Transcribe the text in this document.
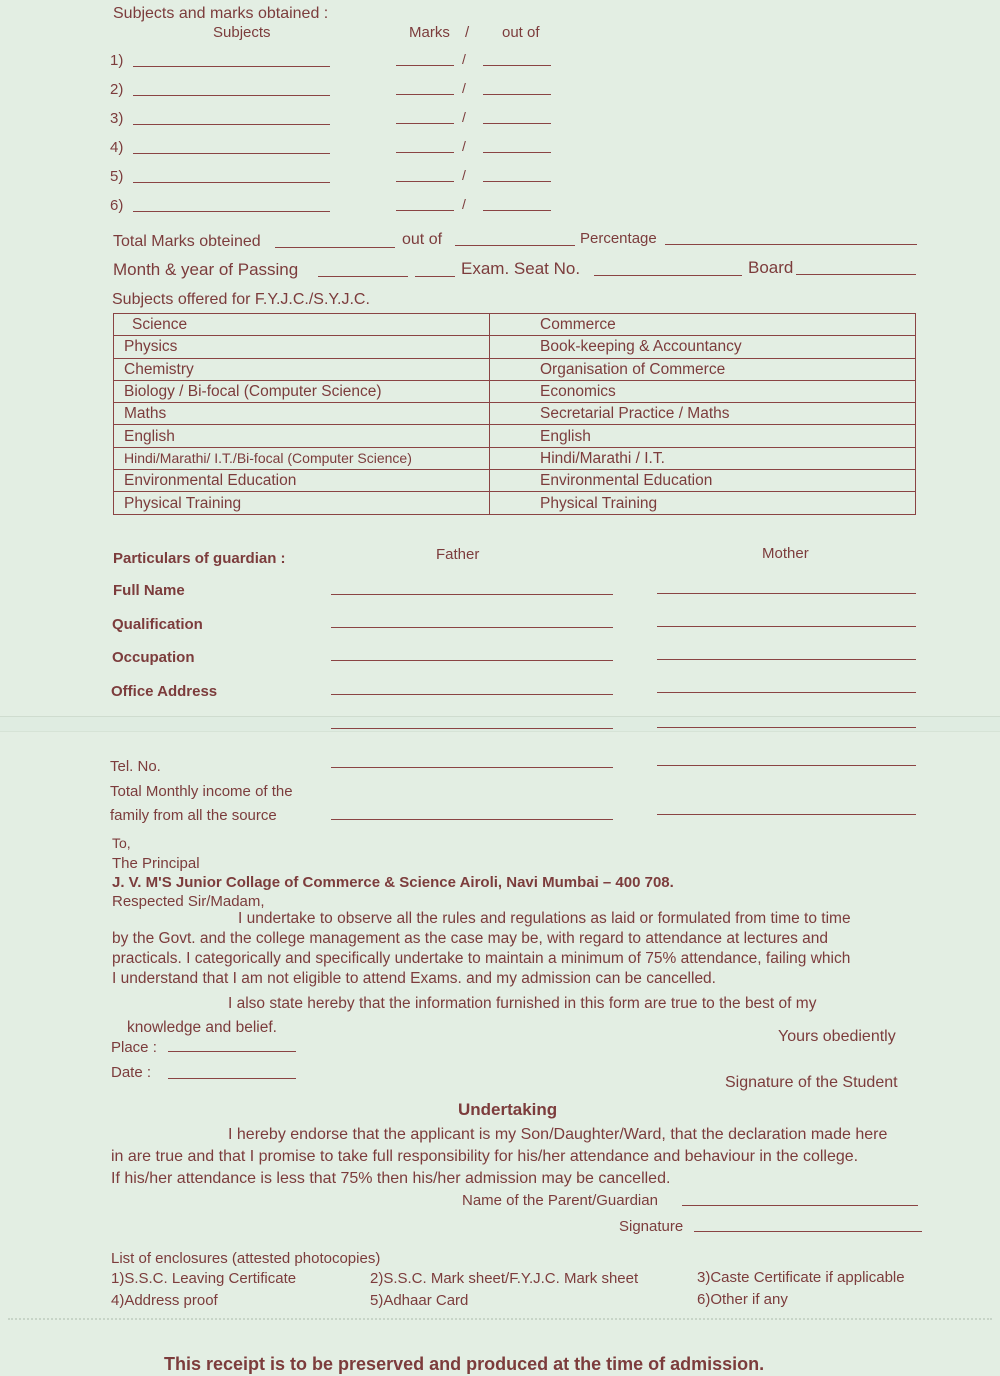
Subjects and marks obtained :
Subjects	Marks / out of
1)	/
2)	/
3)	/
4)	/
5)	/
6)	/
Total Marks obteined	out of	Percentage
Month & year of Passing	Exam. Seat No.	Board
Subjects offered for F.Y.J.C./S.Y.J.C.
Science	Commerce
Physics	Book-keeping & Accountancy
Chemistry	Organisation of Commerce
Biology / Bi-focal (Computer Science)	Economics
Maths	Secretarial Practice / Maths
English	English
Hindi/Marathi/ I.T./Bi-focal (Computer Science)	Hindi/Marathi / I.T.
Environmental Education	Environmental Education
Physical Training	Physical Training
Particulars of guardian :	Father	Mother
Full Name
Qualification
Occupation
Office Address
Tel. No.
Total Monthly income of the
family from all the source
To,
The Principal
J. V. M'S Junior Collage of Commerce & Science Airoli, Navi Mumbai – 400 708.
Respected Sir/Madam,
I undertake to observe all the rules and regulations as laid or formulated from time to time
by the Govt. and the college management as the case may be, with regard to attendance at lectures and
practicals. I categorically and specifically undertake to maintain a minimum of 75% attendance, failing which
I understand that I am not eligible to attend Exams. and my admission can be cancelled.
I also state hereby that the information furnished in this form are true to the best of my
knowledge and belief.
Yours obediently
Place :
Date :
Signature of the Student
Undertaking
I hereby endorse that the applicant is my Son/Daughter/Ward, that the declaration made here
in are true and that I promise to take full responsibility for his/her attendance and behaviour in the college.
If his/her attendance is less that 75% then his/her admission may be cancelled.
Name of the Parent/Guardian
Signature
List of enclosures (attested photocopies)
1)S.S.C. Leaving Certificate	2)S.S.C. Mark sheet/F.Y.J.C. Mark sheet	3)Caste Certificate if applicable
4)Address proof	5)Adhaar Card	6)Other if any
This receipt is to be preserved and produced at the time of admission.
